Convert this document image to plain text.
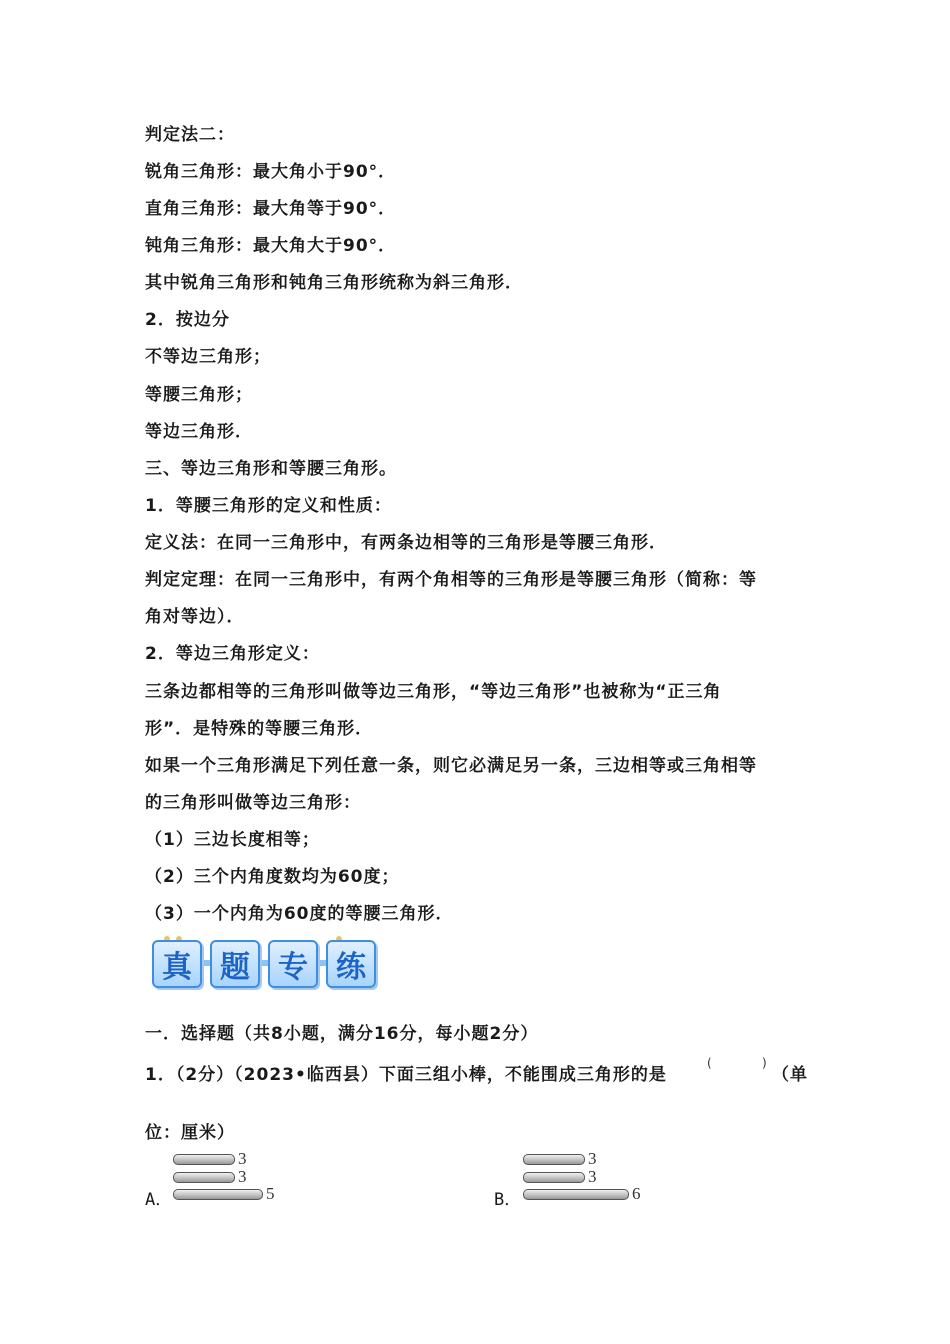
判定法二：
锐角三角形：最大角小于90°．
直角三角形：最大角等于90°．
钝角三角形：最大角大于90°．
其中锐角三角形和钝角三角形统称为斜三角形．
2．按边分
不等边三角形；
等腰三角形；
等边三角形．
三、等边三角形和等腰三角形。
1．等腰三角形的定义和性质：
定义法：在同一三角形中，有两条边相等的三角形是等腰三角形．
判定定理：在同一三角形中，有两个角相等的三角形是等腰三角形（简称：等
角对等边）．
2．等边三角形定义：
三条边都相等的三角形叫做等边三角形，“等边三角形”也被称为“正三角
形”．是特殊的等腰三角形．
如果一个三角形满足下列任意一条，则它必满足另一条，三边相等或三角相等
的三角形叫做等边三角形：
（1）三边长度相等；
（2）三个内角度数均为60度；
（3）一个内角为60度的等腰三角形．
真 题 专 练
一．选择题（共8小题，满分16分，每小题2分）
1．（2分）（2023•临西县）下面三组小棒，不能围成三角形的是
(	)
（单
位：厘米）
A．
3
3
5	B．
3
3
6
